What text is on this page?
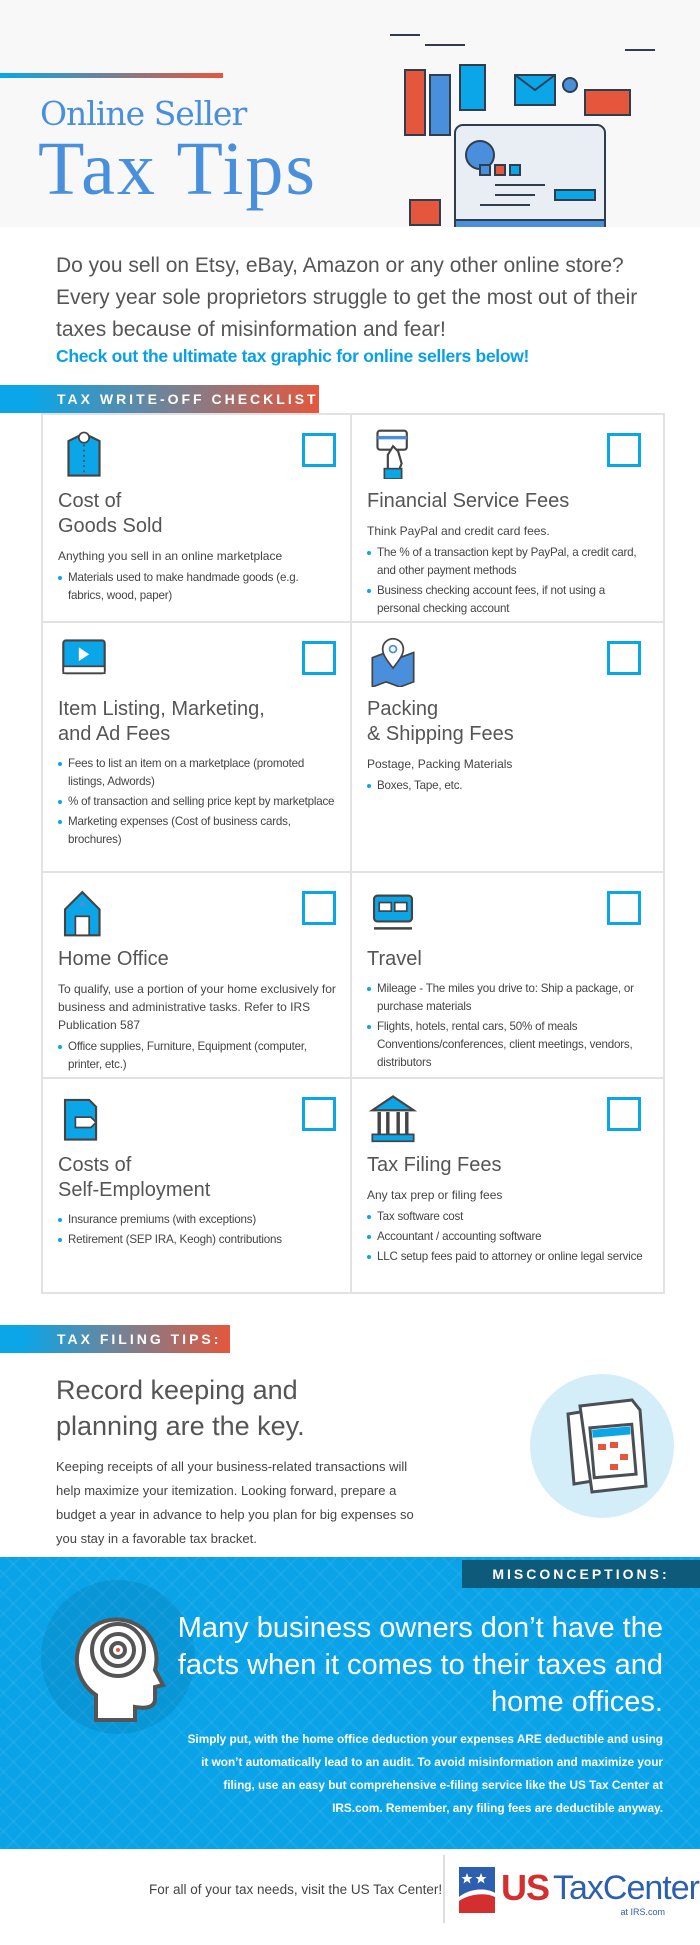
Online Seller
Tax Tips
Do you sell on Etsy, eBay, Amazon or any other online store? Every year sole proprietors struggle to get the most out of their taxes because of misinformation and fear!
Check out the ultimate tax graphic for online sellers below!
TAX WRITE-OFF CHECKLIST
Cost of
Goods Sold
Anything you sell in an online marketplace
Materials used to make handmade goods (e.g. fabrics, wood, paper)
Financial Service Fees
Think PayPal and credit card fees.
The % of a transaction kept by PayPal, a credit card, and other payment methods
Business checking account fees, if not using a personal checking account
Item Listing, Marketing,
and Ad Fees
Fees to list an item on a marketplace (promoted listings, Adwords)
% of transaction and selling price kept by marketplace
Marketing expenses (Cost of business cards, brochures)
Packing
& Shipping Fees
Postage, Packing Materials
Boxes, Tape, etc.
Home Office
To qualify, use a portion of your home exclusively for business and administrative tasks. Refer to IRS Publication 587
Office supplies, Furniture, Equipment (computer, printer, etc.)
Travel
Mileage - The miles you drive to: Ship a package, or purchase materials
Flights, hotels, rental cars, 50% of meals Conventions/conferences, client meetings, vendors, distributors
Costs of
Self-Employment
Insurance premiums (with exceptions)
Retirement (SEP IRA, Keogh) contributions
Tax Filing Fees
Any tax prep or filing fees
Tax software cost
Accountant / accounting software
LLC setup fees paid to attorney or online legal service
TAX FILING TIPS:
Record keeping and planning are the key.
Keeping receipts of all your business-related transactions will help maximize your itemization. Looking forward, prepare a budget a year in advance to help you plan for big expenses so you stay in a favorable tax bracket.
MISCONCEPTIONS:
Many business owners don’t have the facts when it comes to their taxes and home offices.
Simply put, with the home office deduction your expenses ARE deductible and using it won’t automatically lead to an audit. To avoid misinformation and maximize your filing, use an easy but comprehensive e-filing service like the US Tax Center at IRS.com. Remember, any filing fees are deductible anyway.
For all of your tax needs, visit the US Tax Center! US TaxCenter
at IRS.com
